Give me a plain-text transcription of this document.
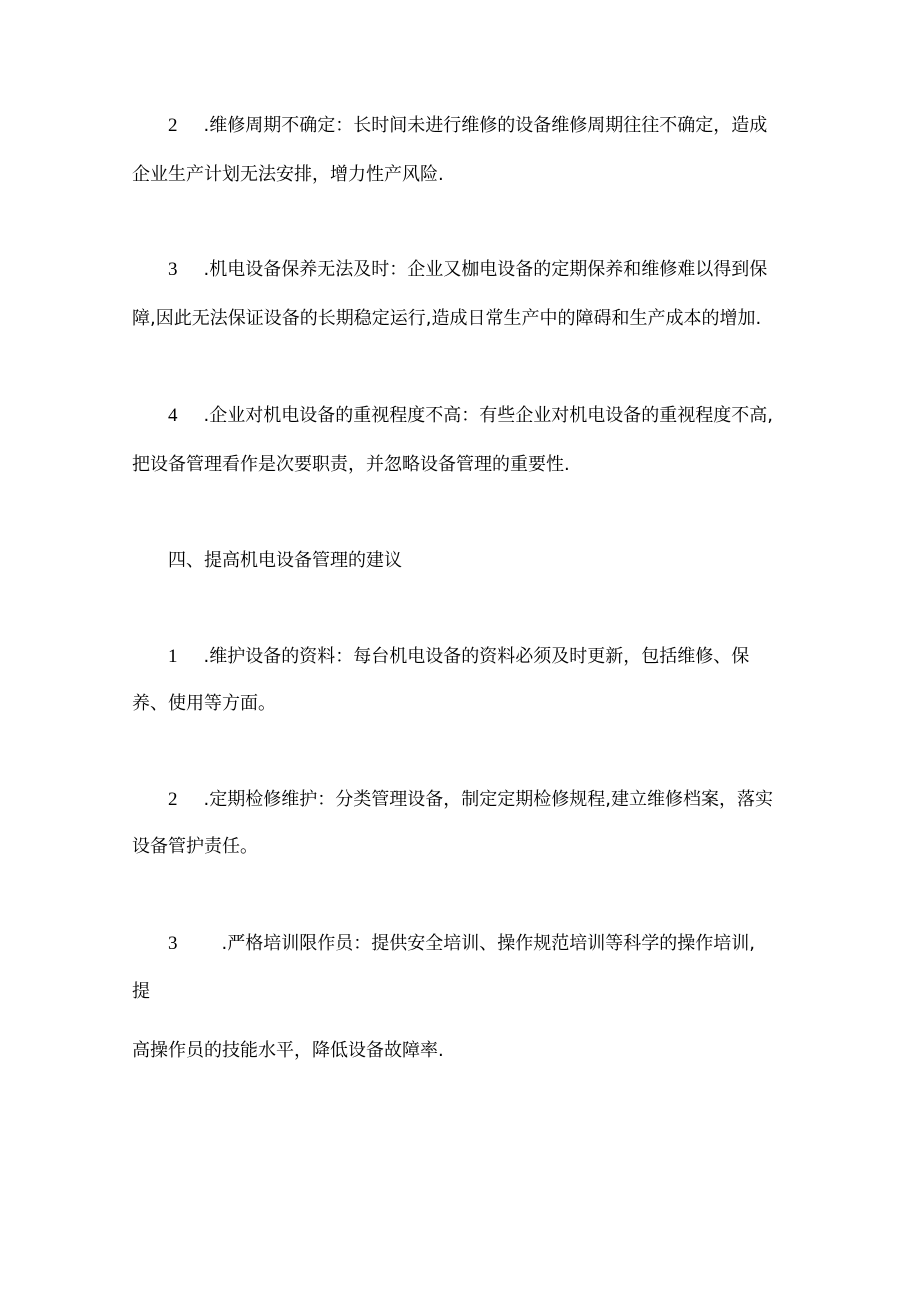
2 .维修周期不确定：长时间未进行维修的设备维修周期往往不确定，造成
企业生产计划无法安排，增力性产风险.
3 .机电设备保养无法及时：企业又枷电设备的定期保养和维修难以得到保
障,因此无法保证设备的长期稳定运行,造成日常生产中的障碍和生产成本的增加.
4 .企业对机电设备的重视程度不高：有些企业对机电设备的重视程度不高,
把设备管理看作是次要职责，并忽略设备管理的重要性.
四、提高机电设备管理的建议
1 .维护设备的资料：每台机电设备的资料必须及时更新，包括维修、保
养、使用等方面。
2 .定期检修维护：分类管理设备，制定定期检修规程,建立维修档案，落实
设备管护责任。
3 .严格培训限作员：提供安全培训、操作规范培训等科学的操作培训,
提
高操作员的技能水平，降低设备故障率.
